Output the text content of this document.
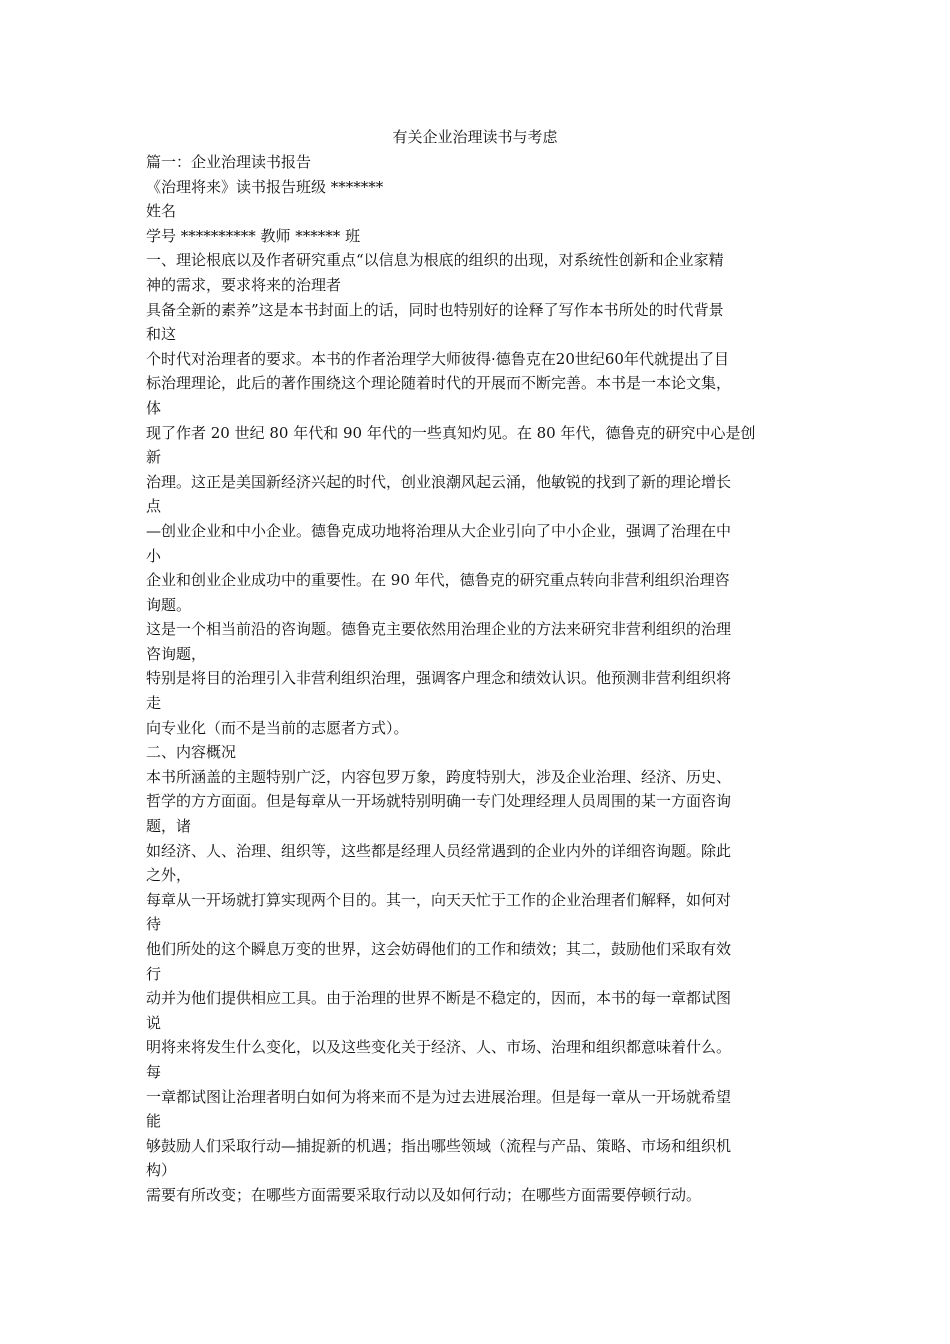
有关企业治理读书与考虑
篇一：企业治理读书报告
《治理将来》读书报告班级 *******
姓名
学号 ********** 教师 ****** 班
一、理论根底以及作者研究重点“以信息为根底的组织的出现，对系统性创新和企业家精
神的需求，要求将来的治理者
具备全新的素养”这是本书封面上的话，同时也特别好的诠释了写作本书所处的时代背景
和这
个时代对治理者的要求。本书的作者治理学大师彼得·德鲁克在20世纪60年代就提出了目
标治理理论，此后的著作围绕这个理论随着时代的开展而不断完善。本书是一本论文集，
体
现了作者 20 世纪 80 年代和 90 年代的一些真知灼见。在 80 年代，德鲁克的研究中心是创
新
治理。这正是美国新经济兴起的时代，创业浪潮风起云涌，他敏锐的找到了新的理论增长
点
—创业企业和中小企业。德鲁克成功地将治理从大企业引向了中小企业，强调了治理在中
小
企业和创业企业成功中的重要性。在 90 年代，德鲁克的研究重点转向非营利组织治理咨
询题。
这是一个相当前沿的咨询题。德鲁克主要依然用治理企业的方法来研究非营利组织的治理
咨询题，
特别是将目的治理引入非营利组织治理，强调客户理念和绩效认识。他预测非营利组织将
走
向专业化（而不是当前的志愿者方式）。
二、内容概况
本书所涵盖的主题特别广泛，内容包罗万象，跨度特别大，涉及企业治理、经济、历史、
哲学的方方面面。但是每章从一开场就特别明确一专门处理经理人员周围的某一方面咨询
题，诸
如经济、人、治理、组织等，这些都是经理人员经常遇到的企业内外的详细咨询题。除此
之外，
每章从一开场就打算实现两个目的。其一，向天天忙于工作的企业治理者们解释，如何对
待
他们所处的这个瞬息万变的世界，这会妨碍他们的工作和绩效；其二，鼓励他们采取有效
行
动并为他们提供相应工具。由于治理的世界不断是不稳定的，因而，本书的每一章都试图
说
明将来将发生什么变化，以及这些变化关于经济、人、市场、治理和组织都意味着什么。
每
一章都试图让治理者明白如何为将来而不是为过去进展治理。但是每一章从一开场就希望
能
够鼓励人们采取行动—捕捉新的机遇；指出哪些领域（流程与产品、策略、市场和组织机
构）
需要有所改变；在哪些方面需要采取行动以及如何行动；在哪些方面需要停顿行动。
